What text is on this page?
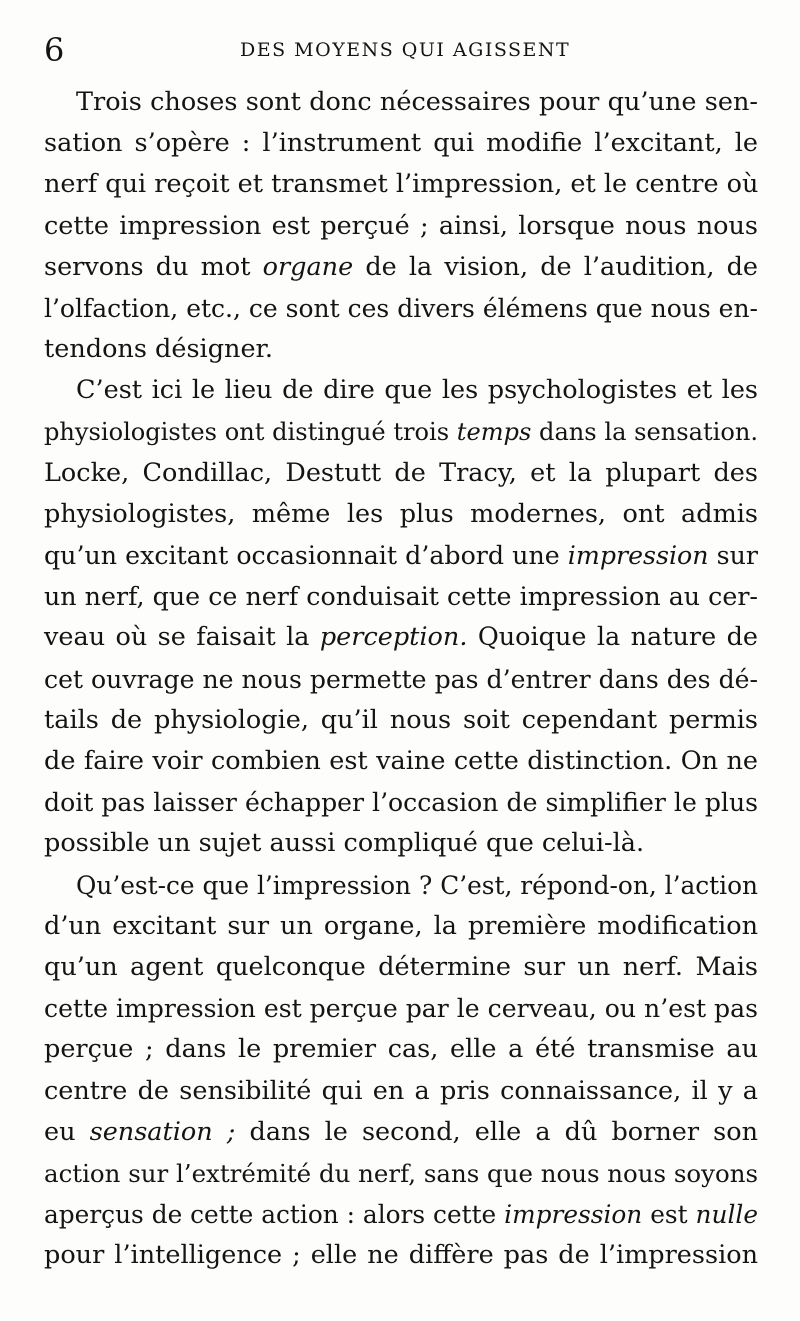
6	DES MOYENS QUI AGISSENT
Trois choses sont donc nécessaires pour qu’une sen-
sation s’opère : l’instrument qui modifie l’excitant, le
nerf qui reçoit et transmet l’impression, et le centre où
cette impression est perçué ; ainsi, lorsque nous nous
servons du mot organe de la vision, de l’audition, de
l’olfaction, etc., ce sont ces divers élémens que nous en-
tendons désigner.
C’est ici le lieu de dire que les psychologistes et les
physiologistes ont distingué trois temps dans la sensation.
Locke, Condillac, Destutt de Tracy, et la plupart des
physiologistes, même les plus modernes, ont admis
qu’un excitant occasionnait d’abord une impression sur
un nerf, que ce nerf conduisait cette impression au cer-
veau où se faisait la perception. Quoique la nature de
cet ouvrage ne nous permette pas d’entrer dans des dé-
tails de physiologie, qu’il nous soit cependant permis
de faire voir combien est vaine cette distinction. On ne
doit pas laisser échapper l’occasion de simplifier le plus
possible un sujet aussi compliqué que celui-là.
Qu’est-ce que l’impression ? C’est, répond-on, l’action
d’un excitant sur un organe, la première modification
qu’un agent quelconque détermine sur un nerf. Mais
cette impression est perçue par le cerveau, ou n’est pas
perçue ; dans le premier cas, elle a été transmise au
centre de sensibilité qui en a pris connaissance, il y a
eu sensation ; dans le second, elle a dû borner son
action sur l’extrémité du nerf, sans que nous nous soyons
aperçus de cette action : alors cette impression est nulle
pour l’intelligence ; elle ne diffère pas de l’impression
